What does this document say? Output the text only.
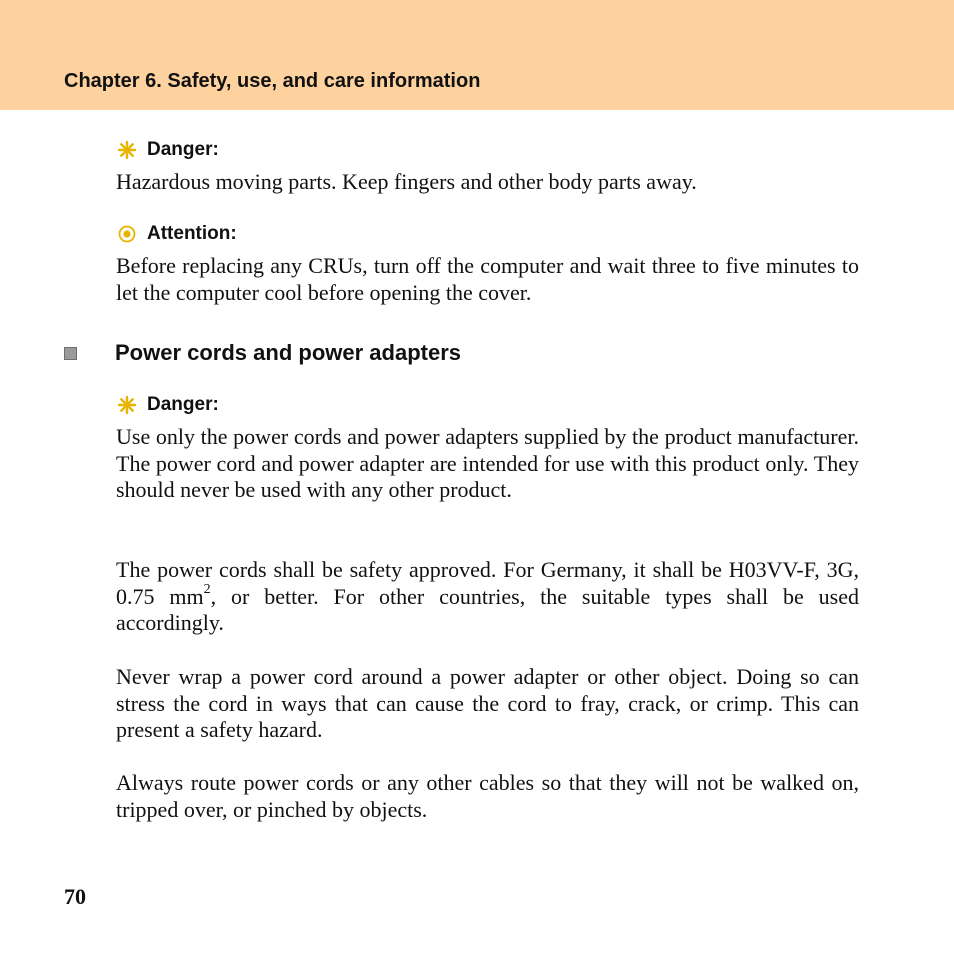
Chapter 6. Safety, use, and care information
Danger:

Hazardous moving parts. Keep fingers and other body parts away.

Attention:

Before replacing any CRUs, turn off the computer and wait three to five minutes to let the computer cool before opening the cover.

Power cords and power adapters
Danger:

Use only the power cords and power adapters supplied by the product manufacturer. The power cord and power adapter are intended for use with this product only. They should never be used with any other product.

The power cords shall be safety approved. For Germany, it shall be H03VV-F, 3G, 0.75 $mm^2$, or better. For other countries, the suitable types shall be used accordingly.

Never wrap a power cord around a power adapter or other object. Doing so can stress the cord in ways that can cause the cord to fray, crack, or crimp. This can present a safety hazard.

Always route power cords or any other cables so that they will not be walked on, tripped over, or pinched by objects.

70
